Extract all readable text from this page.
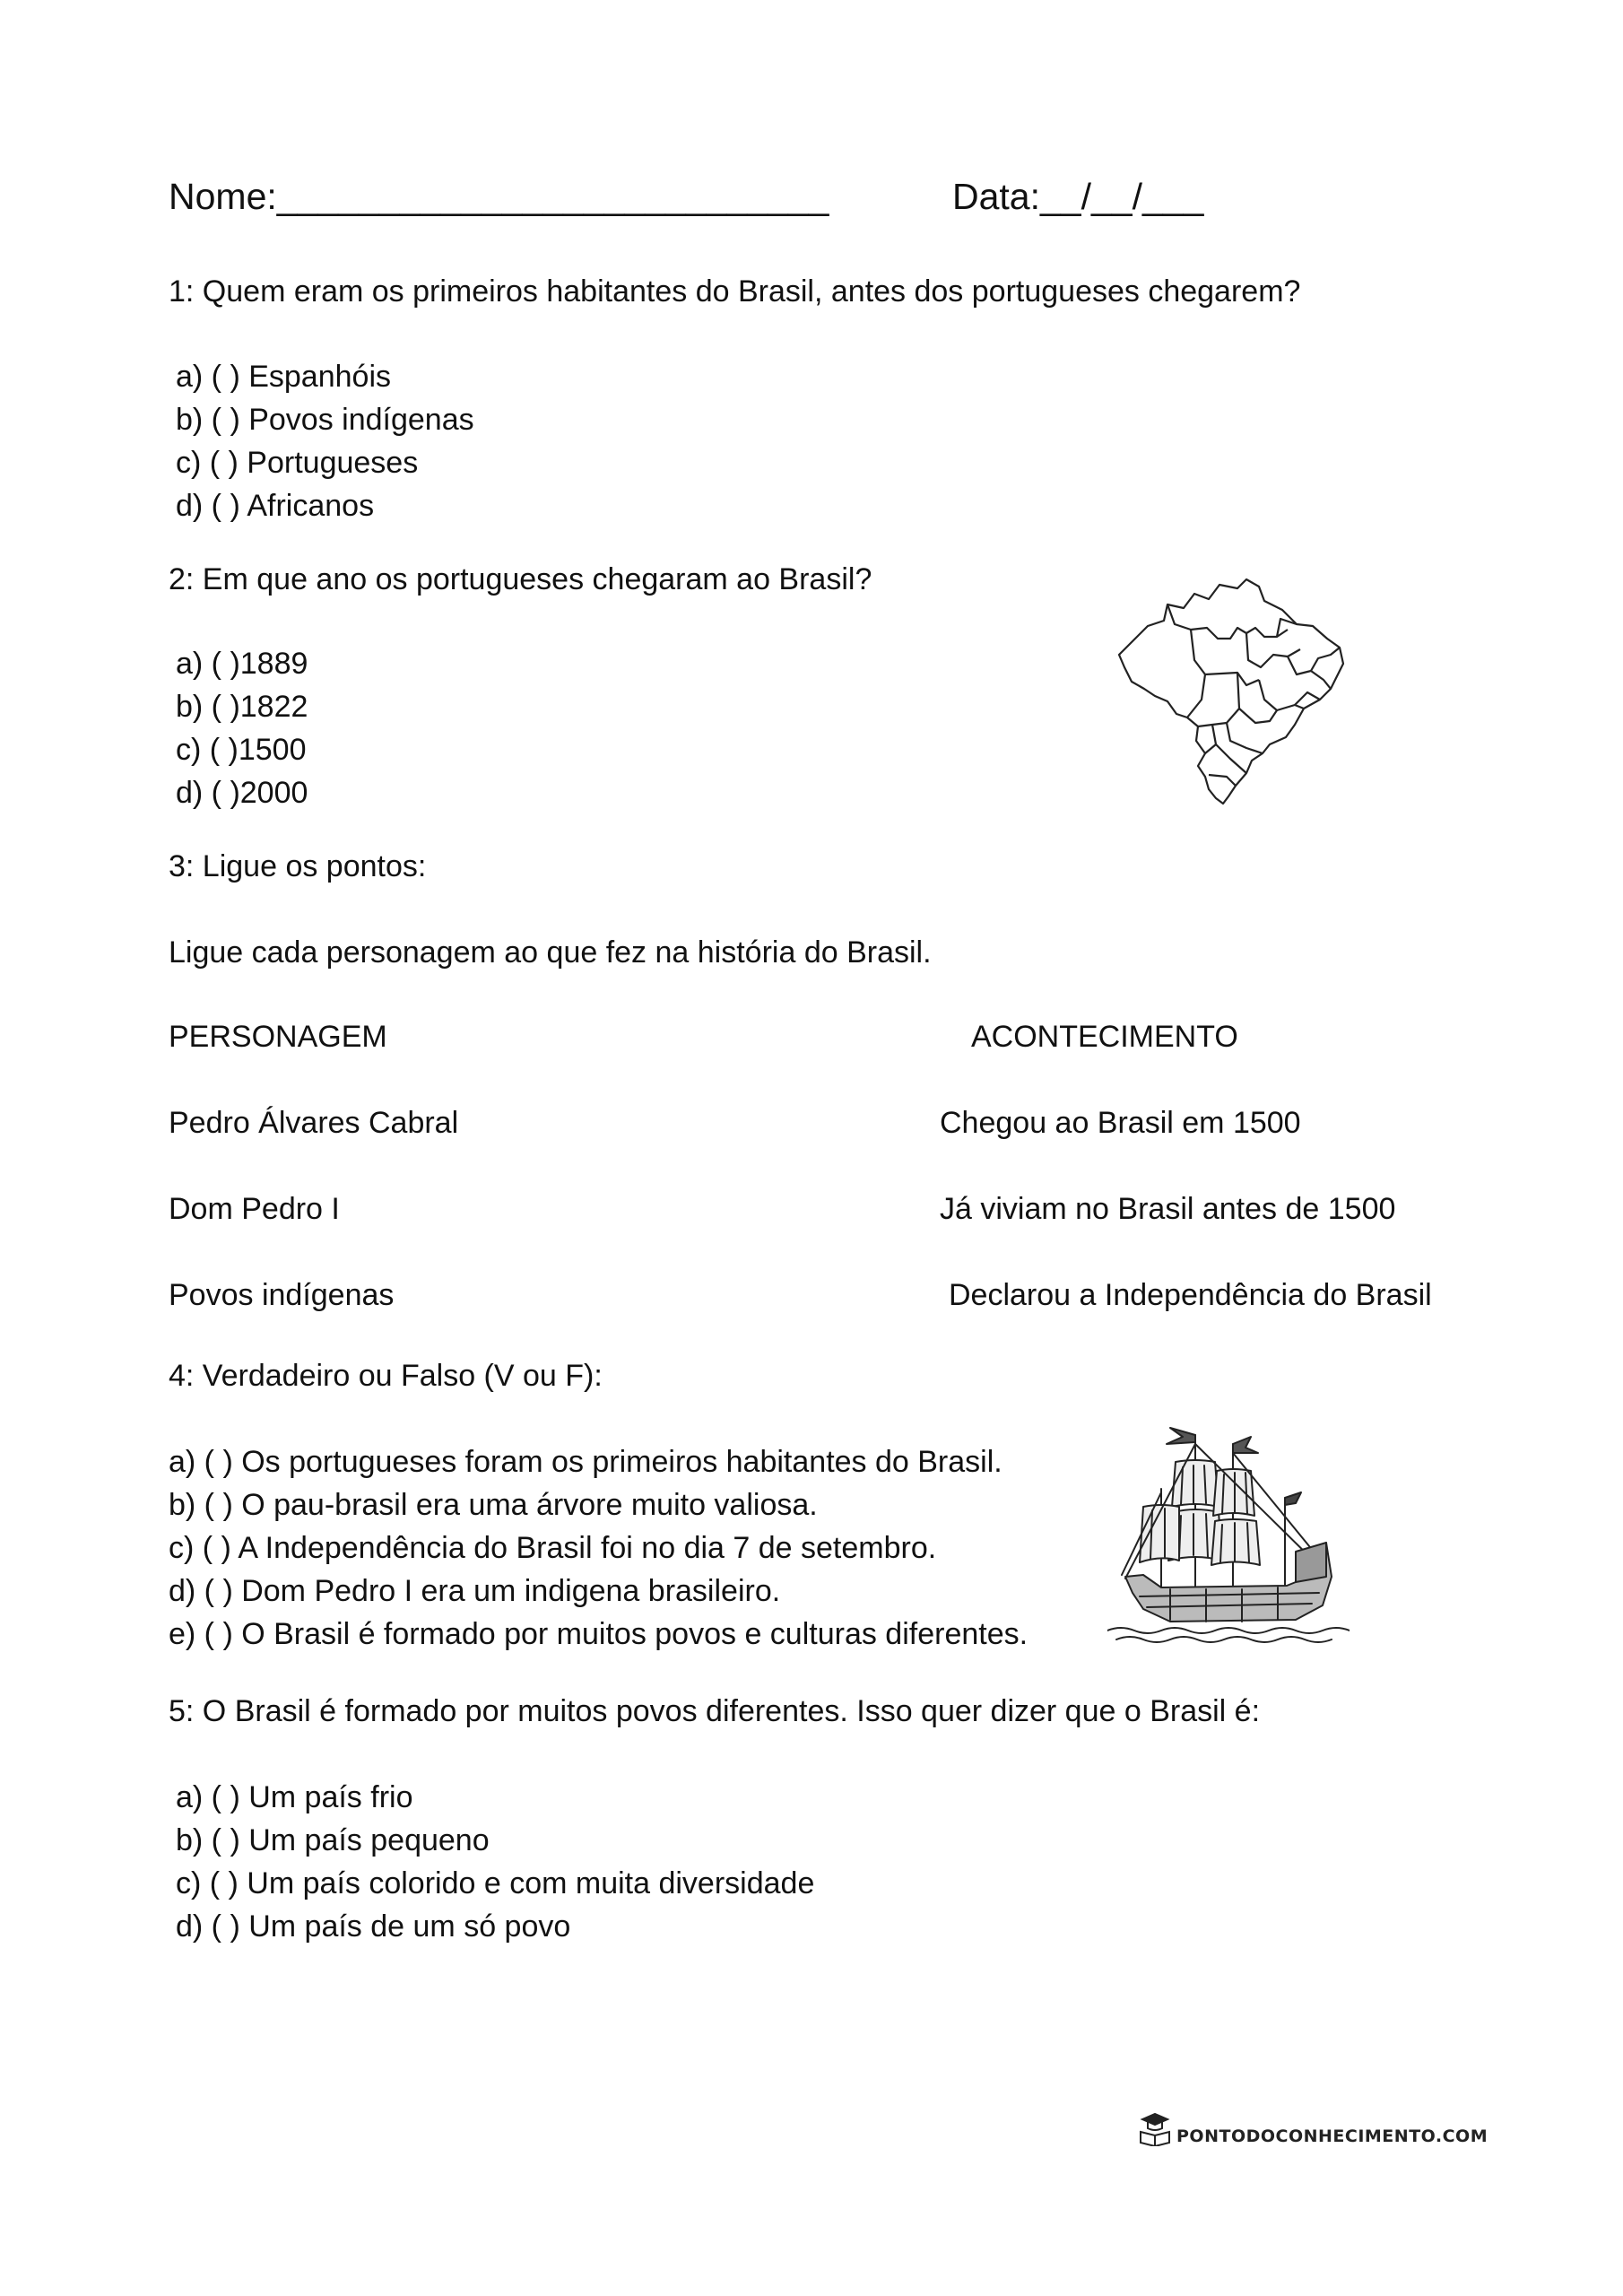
Nome:___________________________	Data:__/__/___
1: Quem eram os primeiros habitantes do Brasil, antes dos portugueses chegarem?
a) ( ) Espanhóis
b) ( ) Povos indígenas
c) ( ) Portugueses
d) ( ) Africanos
2: Em que ano os portugueses chegaram ao Brasil?
a) ( )1889
b) ( )1822
c) ( )1500
d) ( )2000
3: Ligue os pontos:
Ligue cada personagem ao que fez na história do Brasil.
PERSONAGEM	ACONTECIMENTO
Pedro Álvares Cabral	Chegou ao Brasil em 1500
Dom Pedro I	Já viviam no Brasil antes de 1500
Povos indígenas	Declarou a Independência do Brasil
4: Verdadeiro ou Falso (V ou F):
a) ( ) Os portugueses foram os primeiros habitantes do Brasil.
b) ( ) O pau-brasil era uma árvore muito valiosa.
c) ( ) A Independência do Brasil foi no dia 7 de setembro.
d) ( ) Dom Pedro I era um indigena brasileiro.
e) ( ) O Brasil é formado por muitos povos e culturas diferentes.
5: O Brasil é formado por muitos povos diferentes. Isso quer dizer que o Brasil é:
a) ( ) Um país frio
b) ( ) Um país pequeno
c) ( ) Um país colorido e com muita diversidade
d) ( ) Um país de um só povo
PONTODOCONHECIMENTO.COM
